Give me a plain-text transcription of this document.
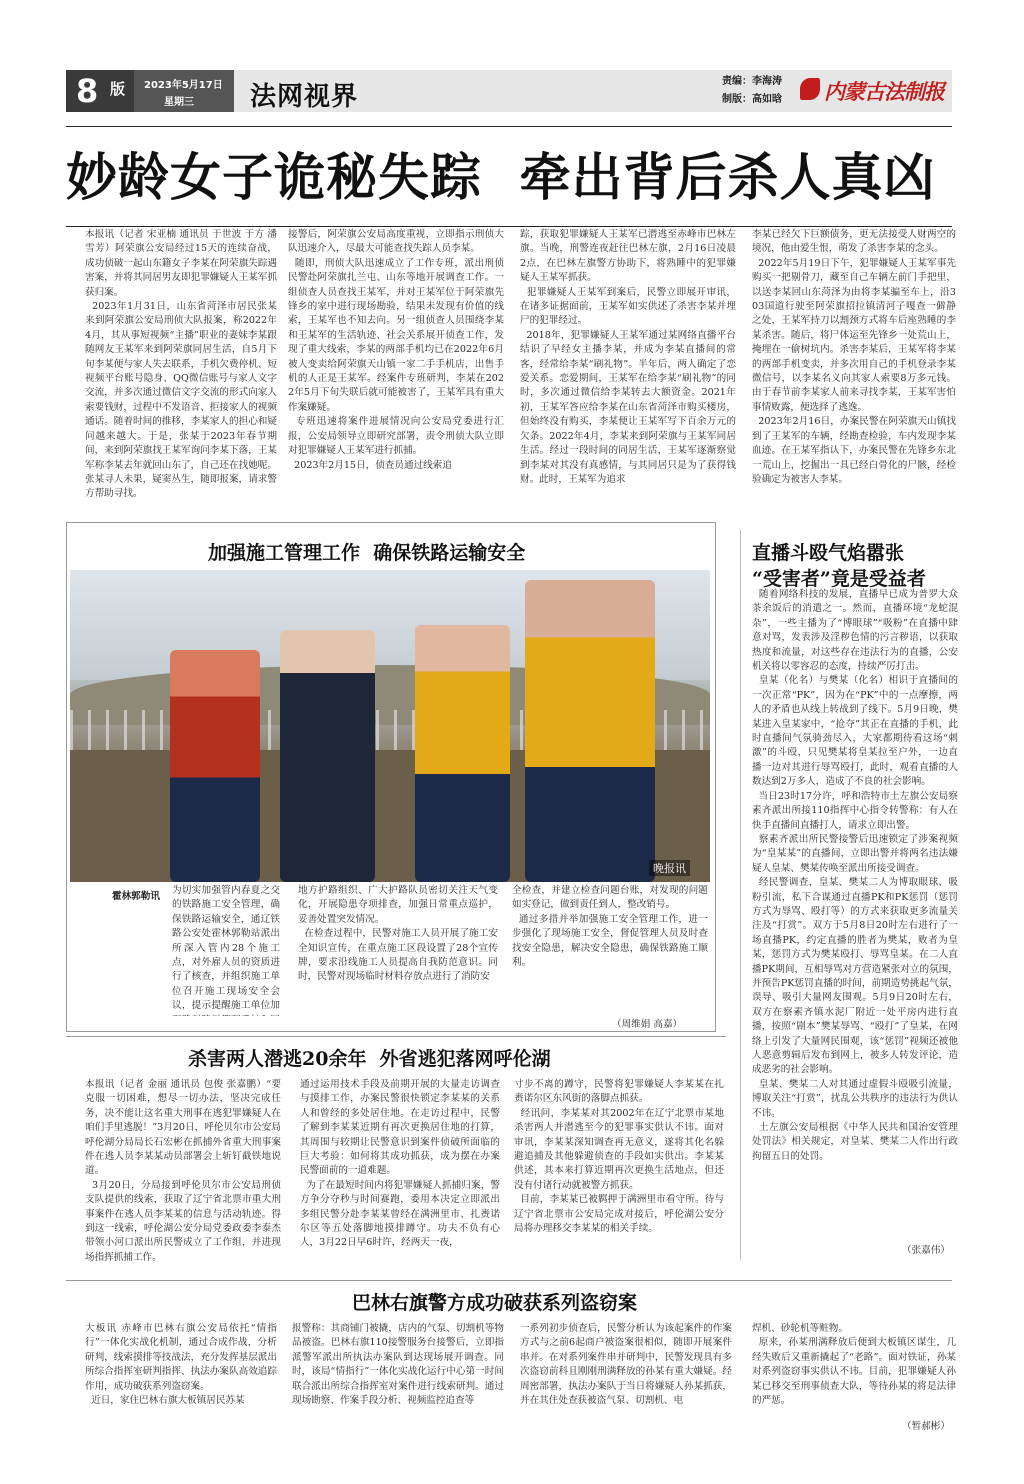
8 版 2023年5月17日
星期三 法网视界
责编：李海涛
制版：高如晗 内蒙古法制报
妙龄女子诡秘失踪  牵出背后杀人真凶
本报讯（记者 宋亚楠 通讯员 于世波 于方 潘雪芳）阿荣旗公安局经过15天的连续奋战，成功侦破一起山东籍女子李某在阿荣旗失踪遇害案，并将其同居男友即犯罪嫌疑人王某军抓获归案。
2023年1月31日，山东省菏泽市居民张某来到阿荣旗公安局刑侦大队报案，称2022年4月，其从事短视频“主播”职业的妻妹李某跟随网友王某军来到阿荣旗同居生活，自5月下旬李某便与家人失去联系，手机欠费停机、短视频平台账号隐身、QQ微信账号与家人文字交流，并多次通过微信文字交流的形式向家人索要钱财，过程中不发语音、拒接家人的视频通话。随着时间的推移，李某家人的担心和疑问越来越大。于是，张某于2023年春节期间，来到阿荣旗找王某军询问李某下落，王某军称李某去年就回山东了，自己还在找她呢。张某寻人未果，疑窦丛生，随即报案，请求警方帮助寻找。
接警后，阿荣旗公安局高度重视，立即指示刑侦大队迅速介入，尽最大可能查找失踪人员李某。
随即，刑侦大队迅速成立了工作专班，派出刑侦民警赴阿荣旗扎兰屯、山东等地开展调查工作。一组侦查人员查找王某军，并对王某军位于阿荣旗先锋乡的家中进行现场勘验，结果未发现有价值的线索，王某军也不知去向。另一组侦查人员围绕李某和王某军的生活轨迹、社会关系展开侦查工作，发现了重大线索，李某的两部手机均已在2022年6月被人变卖给阿荣旗天山镇一家二手手机店，出售手机的人正是王某军。经案件专班研判，李某在2022年5月下旬失联后就可能被害了，王某军具有重大作案嫌疑。
专班迅速将案件进展情况向公安局党委进行汇报，公安局领导立即研究部署，责令刑侦大队立即对犯罪嫌疑人王某军进行抓捕。
2023年2月15日，侦查员通过线索追
踪，获取犯罪嫌疑人王某军已潜逃至赤峰市巴林左旗。当晚，刑警连夜赶往巴林左旗，2月16日凌晨2点，在巴林左旗警方协助下，将熟睡中的犯罪嫌疑人王某军抓获。
犯罪嫌疑人王某军到案后，民警立即展开审讯，在诸多证据面前，王某军如实供述了杀害李某并埋尸的犯罪经过。
2018年，犯罪嫌疑人王某军通过某网络直播平台结识了早经女主播李某，并成为李某直播间的常客，经常给李某“刷礼物”。半年后，两人确定了恋爱关系。恋爱期间，王某军在给李某“刷礼物”的同时，多次通过微信给李某转去大额资金。2021年初，王某军答应给李某在山东省菏泽市购买楼房，但始终没有购买，李某便让王某军写下百余万元的欠条。2022年4月，李某来到阿荣旗与王某军同居生活。经过一段时间的同居生活，王某军逐渐察觉到李某对其没有真感情，与其同居只是为了获得钱财。此时，王某军为追求
李某已经欠下巨额债务，更无法接受人财两空的境况，他由爱生恨，萌发了杀害李某的念头。
2022年5月19日下午，犯罪嫌疑人王某军事先购买一把剔骨刀，藏至自己车辆左前门手把里，以送李某回山东菏泽为由将李某骗至车上，沿303国道行驶至阿荣旗招拉镇清河子嘎查一僻静之处，王某军持刀以割颈方式将车后座熟睡的李某杀害。随后，将尸体运至先锋乡一处荒山上，掩埋在一偷树坑内。杀害李某后，王某军将李某的两部手机变卖，并多次用自己的手机登录李某微信号，以李某名义向其家人索要8万多元钱。由于春节前李某家人前来寻找李某，王某军害怕事情败露，便选择了逃逸。
2023年2月16日，办案民警在阿荣旗天山镇找到了王某军的车辆，经勘查检验，车内发现李某血迹。在王某军指认下，办案民警在先锋乡东北一荒山上，挖掘出一具已经白骨化的尸骸，经检验确定为被害人李某。
加强施工管理工作  确保铁路运输安全
晚报讯
霍林郭勒讯
为切实加强管内春夏之交的铁路施工安全管理，确保铁路运输安全，通辽铁路公安处霍林郭勒站派出所深入管内28个施工点，对外雇人员的资质进行了核查，并组织施工单位召开施工现场安全会议，提示提醒施工单位加
地方护路组织、广大护路队员密切关注天气变化，开展隐患夺项排查，加强日常重点巡护，妥善处置突发情况。
在检查过程中，民警对施工人员开展了施工安全知识宣传，在重点施工区段设置了28个宣传牌，要求沿线施工人员提高自我防范意识。同时，民警对现场临时材料存放点进行了消防安
全检查，并建立检查问题台账，对发现的问题如实登记，做到责任到人，整改销号。
通过多措并举加强施工安全管理工作，进一步强化了现场施工安全，督促管理人员及时查找安全隐患，解决安全隐患，确保铁路施工顺利。
（周维娟 高嘉）
直播斗殴气焰嚣张
“受害者”竟是受益者
随着网络科技的发展，直播早已成为普罗大众茶余饭后的消遣之一。然而，直播环境“龙蛇混杂”，一些主播为了“博眼球”“吸粉”在直播中肆意对骂，发表涉及淫秽色情的污言秽语，以获取热度和流量，对这些存在违法行为的直播，公安机关将以零容忍的态度，持续严厉打击。
皇某（化名）与樊某（化名）相识于直播间的一次正常“PK”，因为在“PK”中的一点摩擦，两人的矛盾也从线上转战到了线下。5月9日晚，樊某进入皇某家中，“抢夺”其正在直播的手机，此时直播间气氛骑劲尽入，大家都期待看这场“刺激”的斗殴，只见樊某将皇某拉至户外，一边直播一边对其进行辱骂殴打，此时，观看直播的人数达到2万多人，造成了不良的社会影响。
当日23时17分许，呼和浩特市土左旗公安局察素齐派出所接110指挥中心指令转警称：有人在快手直播间直播打人，请求立即出警。
察素齐派出所民警接警后迅速锁定了涉案视频为“皇某某”的直播间，立即出警并将两名违法嫌疑人皇某、樊某传唤至派出所接受调查。
经民警调查，皇某、樊某二人为博取眼球、吸粉引流，私下合谋通过直播PK和PK惩罚（惩罚方式为辱骂、殴打等）的方式来获取更多流量关注及“打赏”。双方于5月8日20时左右进行了一场直播PK，约定直播的胜者为樊某，败者为皇某，惩罚方式为樊某殴打、辱骂皇某。在二人直播PK期间，互相辱骂对方营造紧张对立的氛围，并预告PK惩罚直播的时间，前期造势挑起气氛，误导、吸引大量网友围观。5月9日20时左右，双方在察素齐镇水泥厂附近一处平房内进行直播，按照“剧本”樊某辱骂、“殴打”了皇某，在网络上引发了大量网民围观，该“惩罚”视频还被他人恶意剪辑后发布到网上，被多人转发评论，造成恶劣的社会影响。
皇某、樊某二人对其通过虚假斗殴吸引流量，博取关注“打赏”，扰乱公共秩序的违法行为供认不讳。
土左旗公安局根据《中华人民共和国治安管理处罚法》相关规定，对皇某、樊某二人作出行政拘留五日的处罚。
（张嘉伟）
杀害两人潜逃20余年  外省逃犯落网呼伦湖
本报讯（记者 金丽 通讯员 包俊 张嘉鹏）“要克服一切困难，想尽一切办法，坚决完成任务，决不能让这名重大刑事在逃犯罪嫌疑人在咱们手里逃脱！”3月20日，呼伦贝尔市公安局呼伦湖分局局长石宏彬在抓捕外省重大刑事案件在逃人员李某某动员部署会上斩钉截铁地说道。
3月20日，分局接到呼伦贝尔市公安局刑侦支队提供的线索，获取了辽宁省北票市重大刑事案件在逃人员李某某的信息与活动轨迹。得到这一线索，呼伦湖公安分局党委政委李泰杰带领小河口派出所民警成立了工作组，并进现场指挥抓捕工作。
通过运用技术手段及前期开展的大量走访调查与摸排工作，办案民警很快锁定李某某的关系人和曾经的多处居住地。在走访过程中，民警了解到李某某近期有再次更换居住地的打算，其周围与较期让民警意识到案件侦破所面临的巨大考验：如何将其成功抓获，成为摆在办案民警面前的一道难题。
为了在最短时间内将犯罪嫌疑人抓捕归案，警方争分夺秒与时间赛跑，委用本决定立即派出多组民警分赴李某某曾经在满洲里市、扎赉诺尔区等五处落脚地摸排蹲守。功夫不负有心人，3月22日早6时许，经两天一夜，
寸步不离的蹲守，民警将犯罪嫌疑人李某某在扎赉诺尔区东风街的落脚点抓获。
经讯问，李某某对其2002年在辽宁北票市某地杀害两人并潜逃至今的犯罪事实供认不讳。面对审讯，李某某深知调查再无意义，遂将其化名躲避追捕及其他躲避侦查的手段如实供出。李某某供述，其本来打算近期再次更换生活地点，但还没有付诸行动就被警方抓获。
目前，李某某已被羁押于满洲里市看守所。待与辽宁省北票市公安局完成对接后，呼伦湖公安分局将办理移交李某某的相关手续。
巴林右旗警方成功破获系列盗窃案
大板讯 赤峰市巴林右旗公安局依托“情指行”一体化实战化机制，通过合成作战，分析研判，线索摸排等技战法，充分发挥基层派出所综合指挥室研判指挥、执法办案队高效追踪作用，成功破获系列盗窃案。
近日，家住巴林右旗大板镇居民苏某
报警称：其商铺门被撬，店内的气泵、切割机等物品被盗。巴林右旗110接警服务台接警后，立即指派警军派出所执法办案队到达现场展开调查。同时，该局“情指行”一体化实战化运行中心第一时间联合派出所综合指挥室对案件进行线索研判。通过现场勘察、作案手段分析、视频监控追查等
一系列初步侦查后，民警分析认为该起案件的作案方式与之前6起商户被盗案很相似，随即开展案件串并。在对系列案件串并研判中，民警发现具有多次盗窃前科且刚刚刑满释放的孙某有重大嫌疑。经周密部署，执法办案队于当日将嫌疑人孙某抓获，并在其住处查获被盗气泵、切割机、电
焊机、砂轮机等赃物。
原来，孙某刑满释放后便到大板镇区谋生，几经失败后又重新撬起了“老路”。面对铁证，孙某对系列盗窃事实供认不讳。目前，犯罪嫌疑人孙某已移交至刑事侦查大队，等待孙某的将是法律的严惩。
（暂郝彬）
